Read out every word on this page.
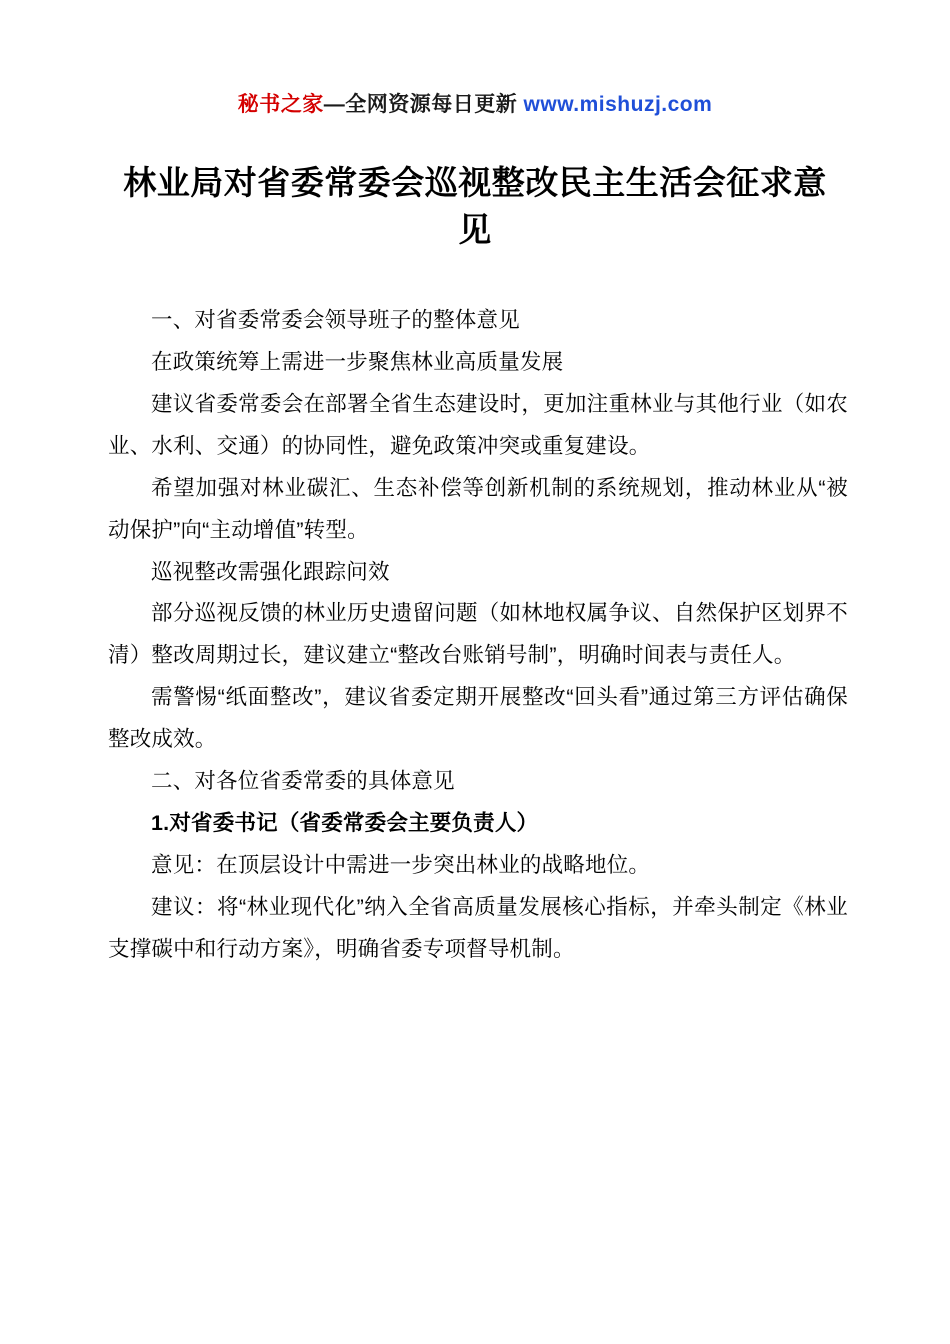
秘书之家—全网资源每日更新 www.mishuzj.com
林业局对省委常委会巡视整改民主生活会征求意见

一、对省委常委会领导班子的整体意见

在政策统筹上需进一步聚焦林业高质量发展

建议省委常委会在部署全省生态建设时，更加注重林业与其他行业（如农业、水利、交通）的协同性，避免政策冲突或重复建设。

希望加强对林业碳汇、生态补偿等创新机制的系统规划，推动林业从“被动保护”向“主动增值”转型。

巡视整改需强化跟踪问效

部分巡视反馈的林业历史遗留问题（如林地权属争议、自然保护区划界不清）整改周期过长，建议建立“整改台账销号制”，明确时间表与责任人。

需警惕“纸面整改”，建议省委定期开展整改“回头看”通过第三方评估确保整改成效。

二、对各位省委常委的具体意见

1.对省委书记（省委常委会主要负责人）

意见：在顶层设计中需进一步突出林业的战略地位。

建议：将“林业现代化”纳入全省高质量发展核心指标，并牵头制定《林业支撑碳中和行动方案》，明确省委专项督导机制。
